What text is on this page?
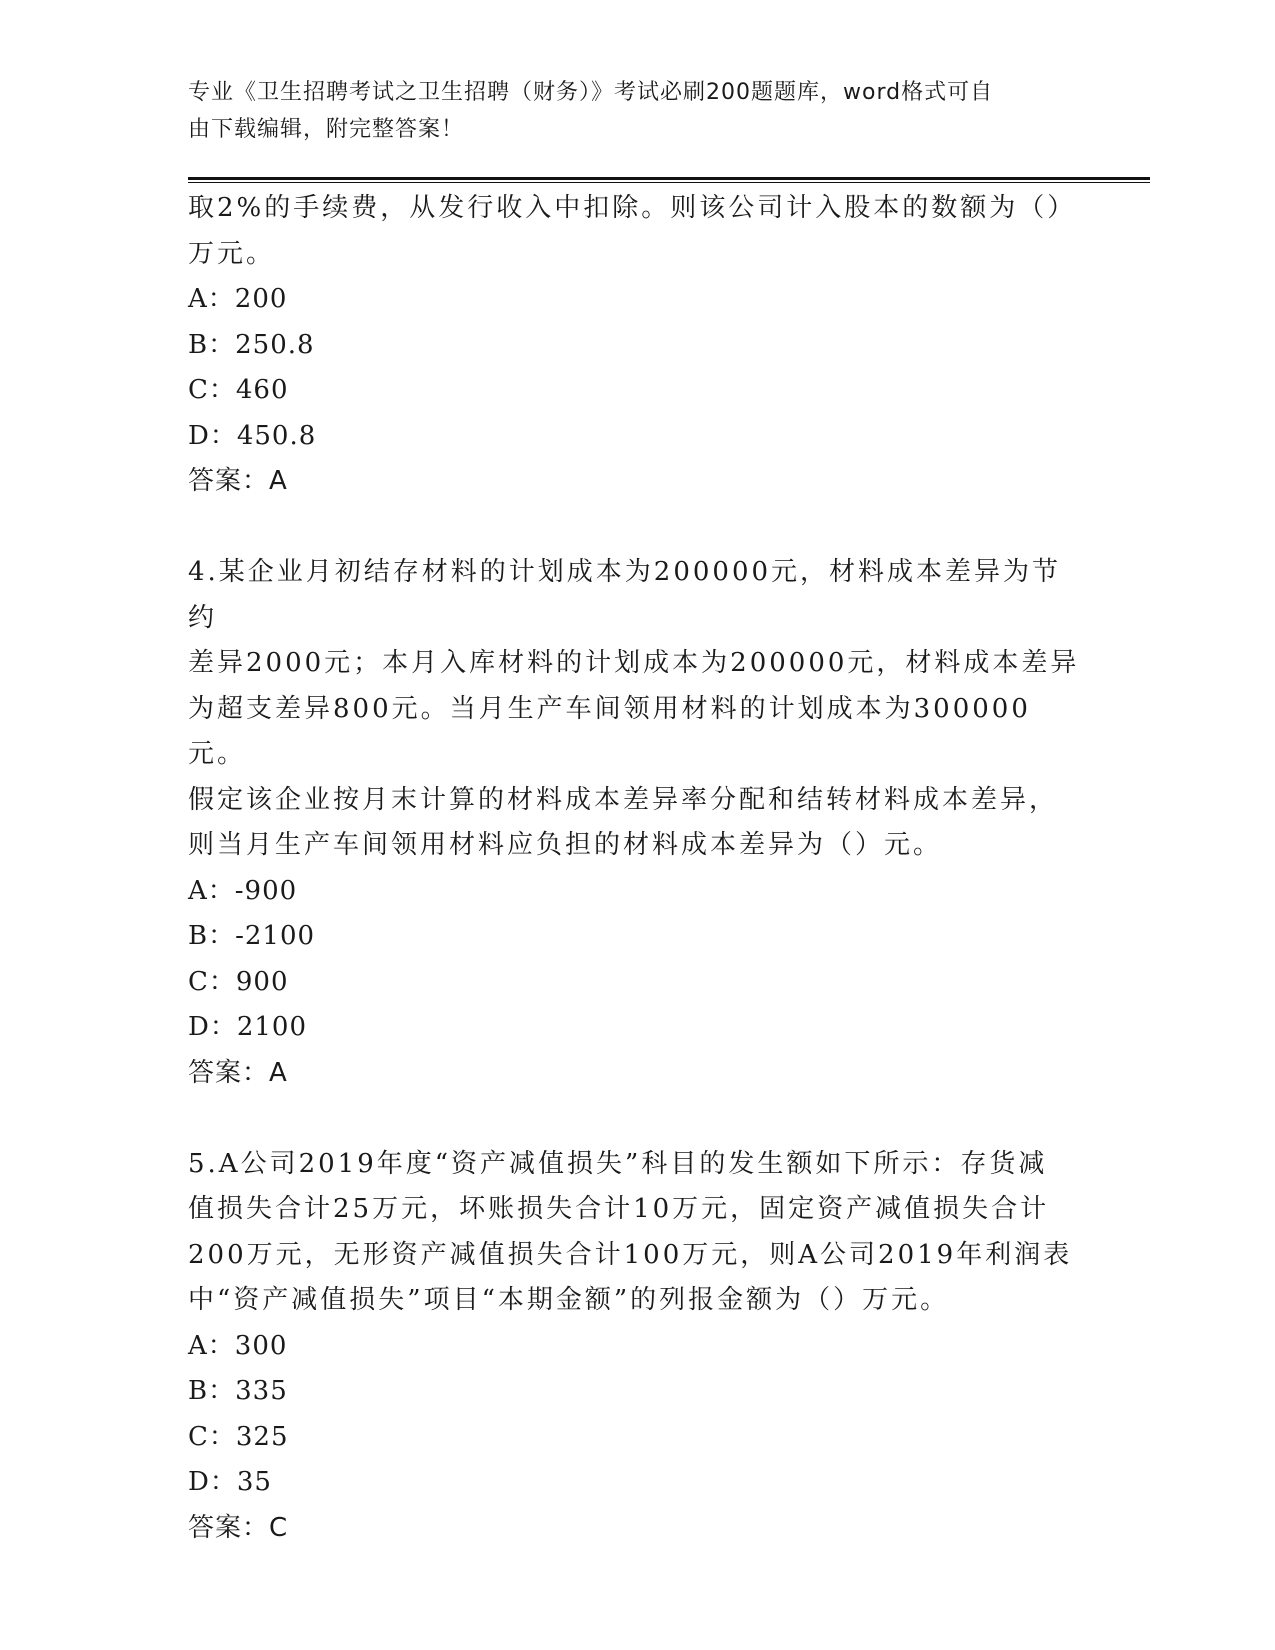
专业《卫生招聘考试之卫生招聘（财务）》考试必刷200题题库，word格式可自
由下载编辑，附完整答案！
取2%的手续费，从发行收入中扣除。则该公司计入股本的数额为（）
万元。
A：200
B：250.8
C：460
D：450.8
答案：A
4.某企业月初结存材料的计划成本为200000元，材料成本差异为节约
差异2000元；本月入库材料的计划成本为200000元，材料成本差异
为超支差异800元。当月生产车间领用材料的计划成本为300000元。
假定该企业按月末计算的材料成本差异率分配和结转材料成本差异，
则当月生产车间领用材料应负担的材料成本差异为（）元。
A：-900
B：-2100
C：900
D：2100
答案：A
5.A公司2019年度“资产减值损失”科目的发生额如下所示：存货减
值损失合计25万元，坏账损失合计10万元，固定资产减值损失合计
200万元，无形资产减值损失合计100万元，则A公司2019年利润表
中“资产减值损失”项目“本期金额”的列报金额为（）万元。
A：300
B：335
C：325
D：35
答案：C
